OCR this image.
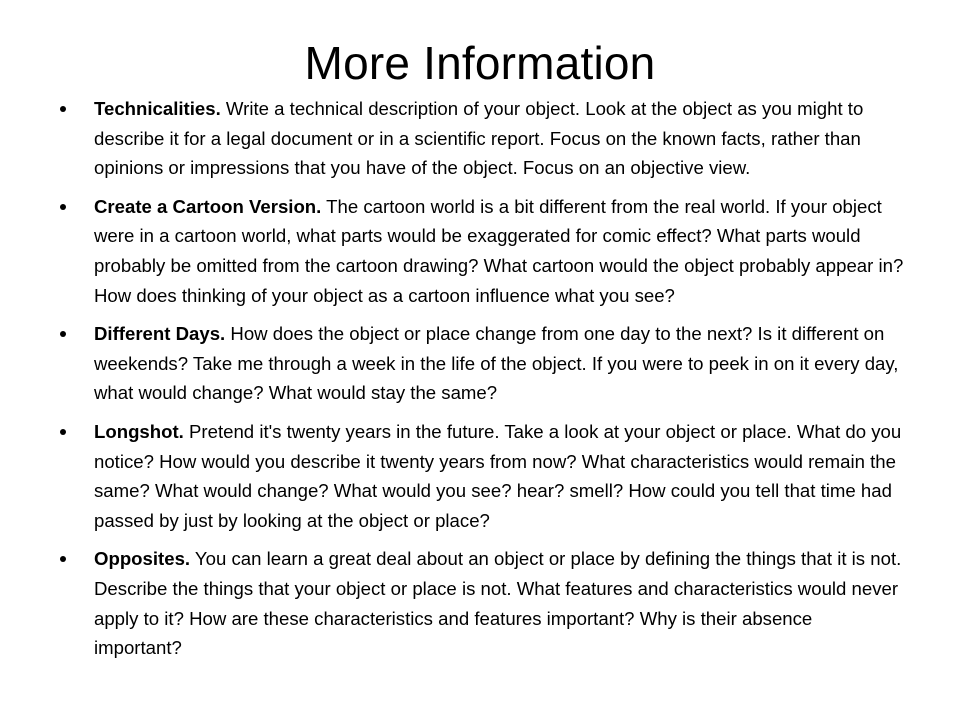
More Information
Technicalities. Write a technical description of your object. Look at the object as you might to describe it for a legal document or in a scientific report. Focus on the known facts, rather than opinions or impressions that you have of the object. Focus on an objective view.
Create a Cartoon Version. The cartoon world is a bit different from the real world. If your object were in a cartoon world, what parts would be exaggerated for comic effect? What parts would probably be omitted from the cartoon drawing? What cartoon would the object probably appear in? How does thinking of your object as a cartoon influence what you see?
Different Days. How does the object or place change from one day to the next? Is it different on weekends? Take me through a week in the life of the object. If you were to peek in on it every day, what would change? What would stay the same?
Longshot. Pretend it's twenty years in the future. Take a look at your object or place. What do you notice? How would you describe it twenty years from now? What characteristics would remain the same? What would change? What would you see? hear? smell? How could you tell that time had passed by just by looking at the object or place?
Opposites. You can learn a great deal about an object or place by defining the things that it is not. Describe the things that your object or place is not. What features and characteristics would never apply to it? How are these characteristics and features important? Why is their absence important?
